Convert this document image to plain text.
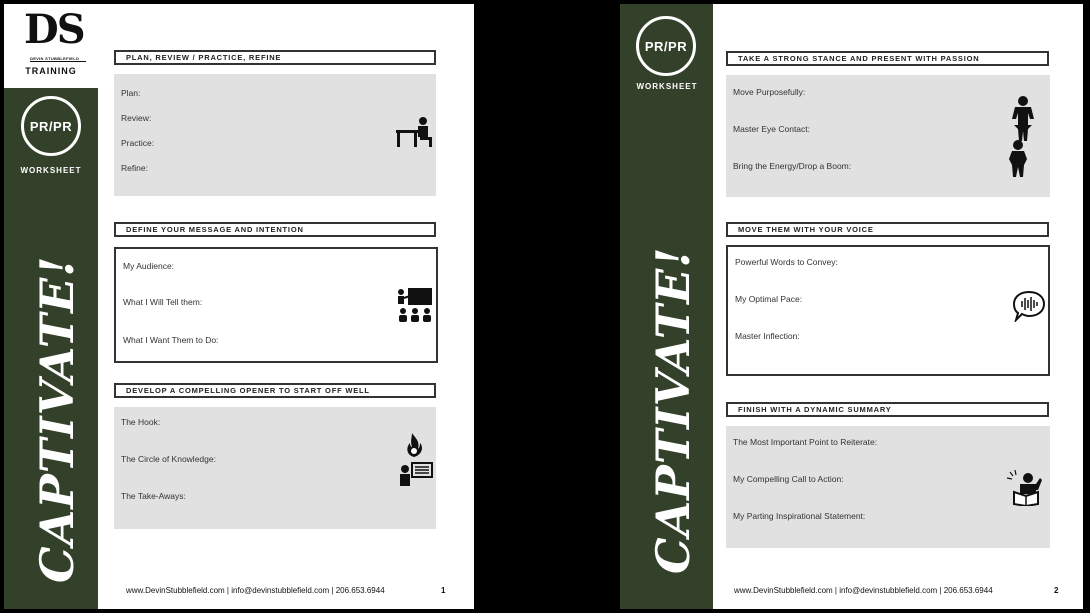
DS
DEVIN STUBBLEFIELD
TRAINING
PR/PR
WORKSHEET
CAPTIVATE!
PLAN, REVIEW / PRACTICE, REFINE
Plan:
Review:
Practice:
Refine:
DEFINE YOUR MESSAGE AND INTENTION
My Audience:
What I Will Tell them:
What I Want Them to Do:
DEVELOP A COMPELLING OPENER TO START OFF WELL
The Hook:
The Circle of Knowledge:
The Take-Aways:
www.DevinStubblefield.com | info@devinstubblefield.com | 206.653.6944	1
PR/PR
WORKSHEET
CAPTIVATE!
TAKE A STRONG STANCE AND PRESENT WITH PASSION
Move Purposefully:
Master Eye Contact:
Bring the Energy/Drop a Boom:
MOVE THEM WITH YOUR VOICE
Powerful Words to Convey:
My Optimal Pace:
Master Inflection:
FINISH WITH A DYNAMIC SUMMARY
The Most Important Point to Reiterate:
My Compelling Call to Action:
My Parting Inspirational Statement:
www.DevinStubblefield.com | info@devinstubblefield.com | 206.653.6944	2
